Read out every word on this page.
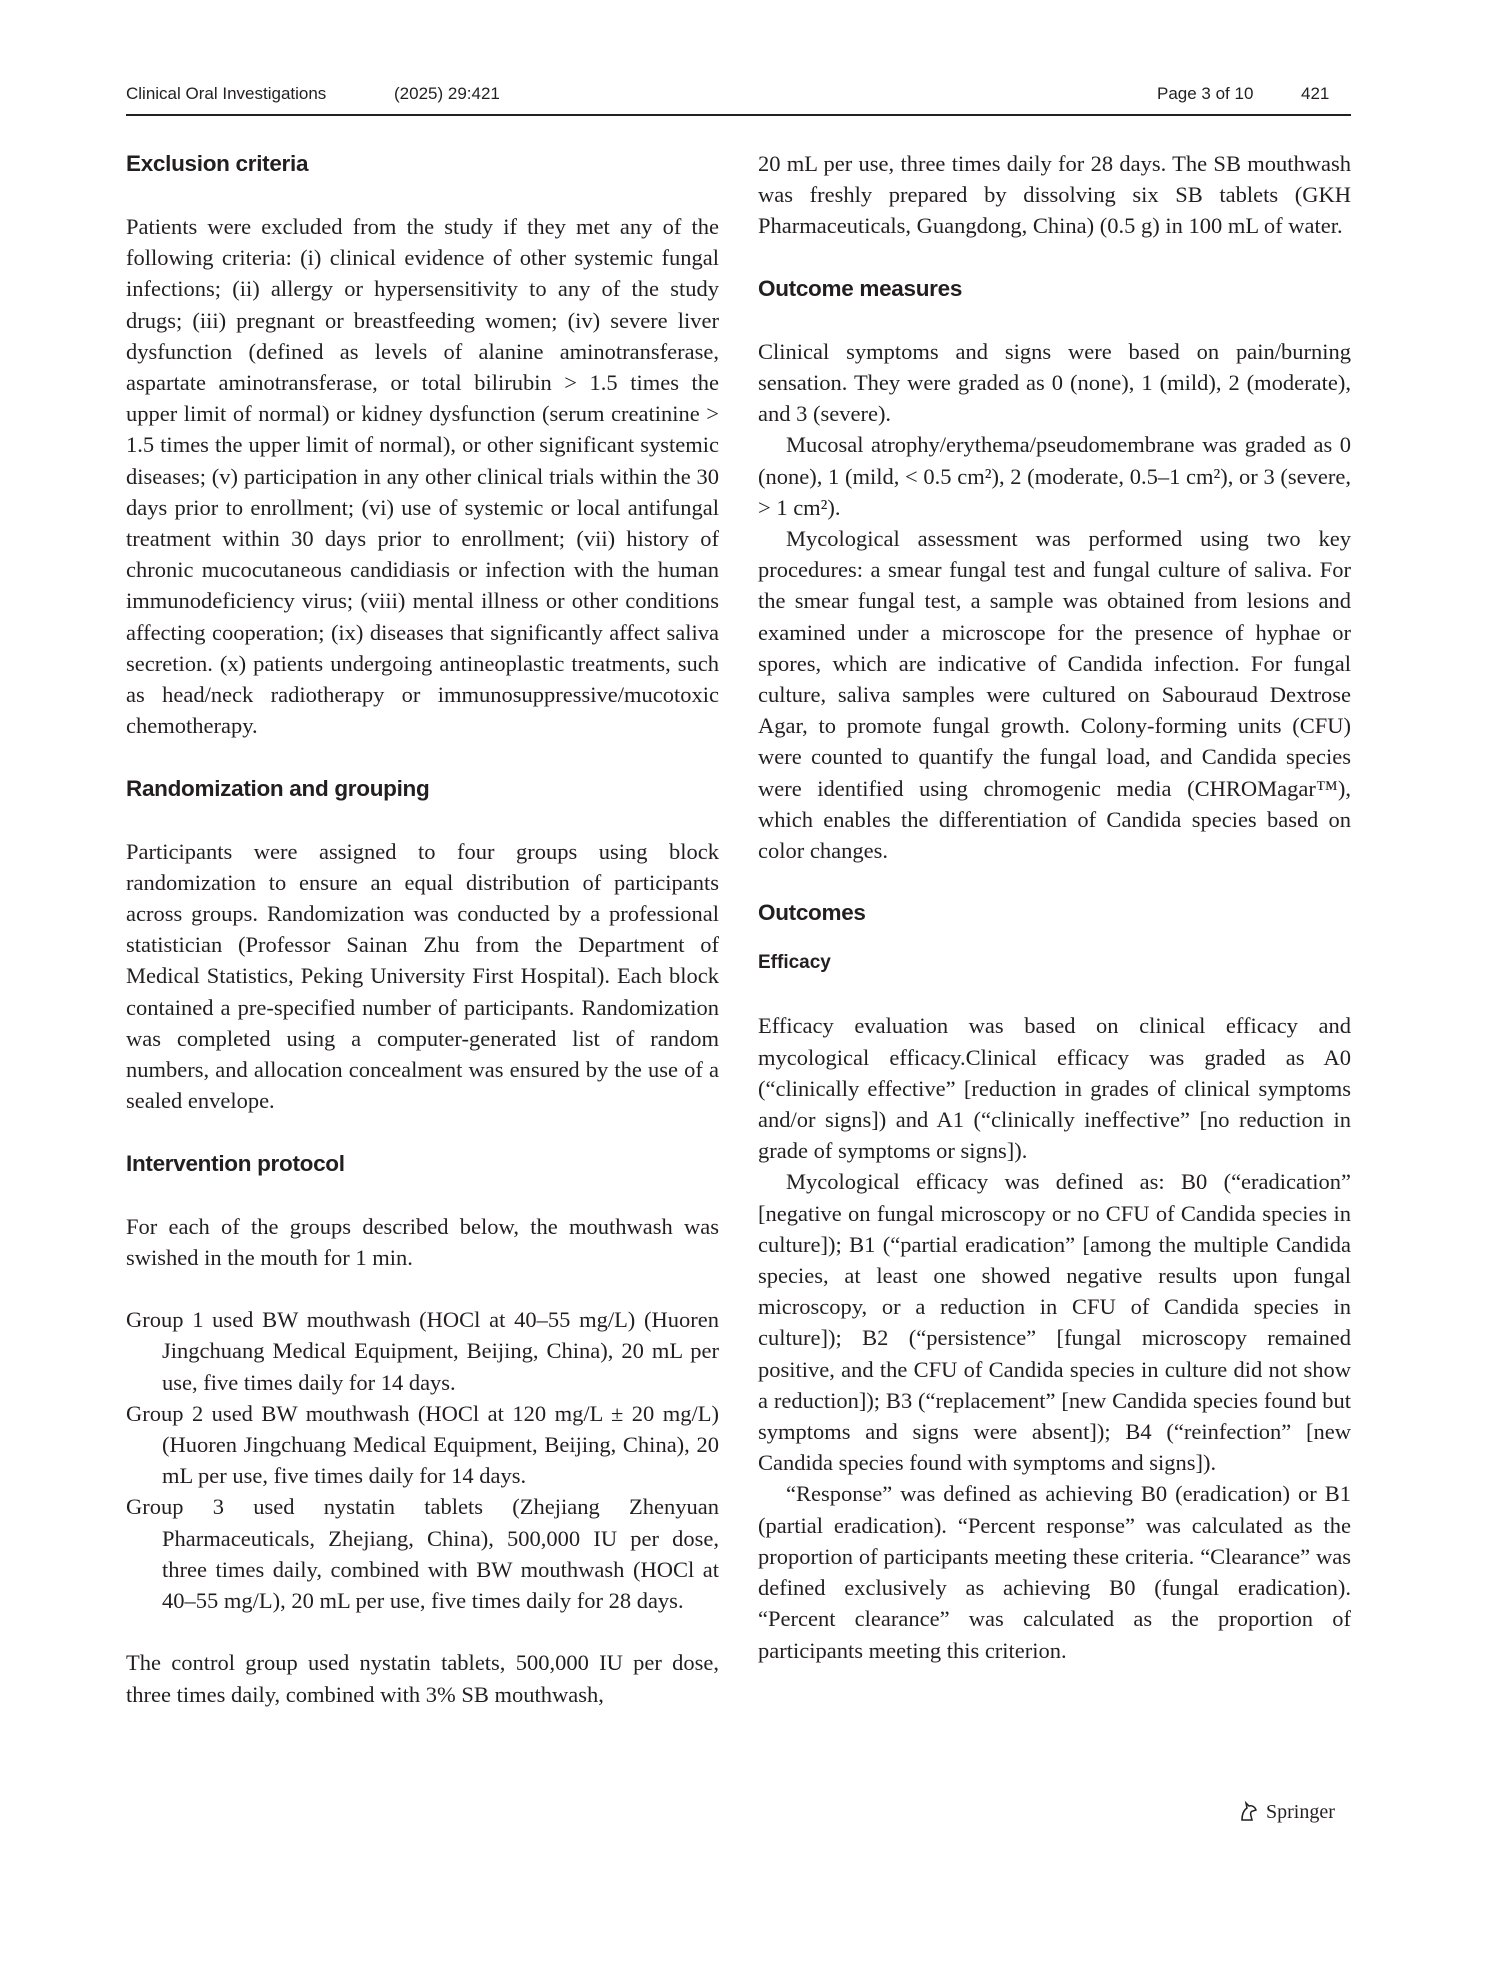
Clinical Oral Investigations	(2025) 29:421	Page 3 of 10	421
Exclusion criteria

Patients were excluded from the study if they met any of the following criteria: (i) clinical evidence of other systemic fungal infections; (ii) allergy or hypersensitivity to any of the study drugs; (iii) pregnant or breastfeeding women; (iv) severe liver dysfunction (defined as levels of alanine aminotransferase, aspartate aminotransferase, or total bilirubin > 1.5 times the upper limit of normal) or kidney dysfunction (serum creatinine > 1.5 times the upper limit of normal), or other significant systemic diseases; (v) participation in any other clinical trials within the 30 days prior to enrollment; (vi) use of systemic or local antifungal treatment within 30 days prior to enrollment; (vii) history of chronic mucocutaneous candidiasis or infection with the human immunodeficiency virus; (viii) mental illness or other conditions affecting cooperation; (ix) diseases that significantly affect saliva secretion. (x) patients undergoing antineoplastic treatments, such as head/neck radiotherapy or immunosuppressive/mucotoxic chemotherapy.

Randomization and grouping

Participants were assigned to four groups using block randomization to ensure an equal distribution of participants across groups. Randomization was conducted by a professional statistician (Professor Sainan Zhu from the Department of Medical Statistics, Peking University First Hospital). Each block contained a pre-specified number of participants. Randomization was completed using a computer-generated list of random numbers, and allocation concealment was ensured by the use of a sealed envelope.

Intervention protocol

For each of the groups described below, the mouthwash was swished in the mouth for 1 min.

Group 1 used BW mouthwash (HOCl at 40–55 mg/L) (Huoren Jingchuang Medical Equipment, Beijing, China), 20 mL per use, five times daily for 14 days.

Group 2 used BW mouthwash (HOCl at 120 mg/L ± 20 mg/L) (Huoren Jingchuang Medical Equipment, Beijing, China), 20 mL per use, five times daily for 14 days.

Group 3 used nystatin tablets (Zhejiang Zhenyuan Pharmaceuticals, Zhejiang, China), 500,000 IU per dose, three times daily, combined with BW mouthwash (HOCl at 40–55 mg/L), 20 mL per use, five times daily for 28 days.

The control group used nystatin tablets, 500,000 IU per dose, three times daily, combined with 3% SB mouthwash,

20 mL per use, three times daily for 28 days. The SB mouthwash was freshly prepared by dissolving six SB tablets (GKH Pharmaceuticals, Guangdong, China) (0.5 g) in 100 mL of water.

Outcome measures

Clinical symptoms and signs were based on pain/burning sensation. They were graded as 0 (none), 1 (mild), 2 (moderate), and 3 (severe).

Mucosal atrophy/erythema/pseudomembrane was graded as 0 (none), 1 (mild, < 0.5 cm²), 2 (moderate, 0.5–1 cm²), or 3 (severe, > 1 cm²).

Mycological assessment was performed using two key procedures: a smear fungal test and fungal culture of saliva. For the smear fungal test, a sample was obtained from lesions and examined under a microscope for the presence of hyphae or spores, which are indicative of Candida infection. For fungal culture, saliva samples were cultured on Sabouraud Dextrose Agar, to promote fungal growth. Colony-forming units (CFU) were counted to quantify the fungal load, and Candida species were identified using chromogenic media (CHROMagar™), which enables the differentiation of Candida species based on color changes.

Outcomes
Efficacy

Efficacy evaluation was based on clinical efficacy and mycological efficacy.Clinical efficacy was graded as A0 (“clinically effective” [reduction in grades of clinical symptoms and/or signs]) and A1 (“clinically ineffective” [no reduction in grade of symptoms or signs]).

Mycological efficacy was defined as: B0 (“eradication” [negative on fungal microscopy or no CFU of Candida species in culture]); B1 (“partial eradication” [among the multiple Candida species, at least one showed negative results upon fungal microscopy, or a reduction in CFU of Candida species in culture]); B2 (“persistence” [fungal microscopy remained positive, and the CFU of Candida species in culture did not show a reduction]); B3 (“replacement” [new Candida species found but symptoms and signs were absent]); B4 (“reinfection” [new Candida species found with symptoms and signs]).

“Response” was defined as achieving B0 (eradication) or B1 (partial eradication). “Percent response” was calculated as the proportion of participants meeting these criteria. “Clearance” was defined exclusively as achieving B0 (fungal eradication). “Percent clearance” was calculated as the proportion of participants meeting this criterion.

Springer
